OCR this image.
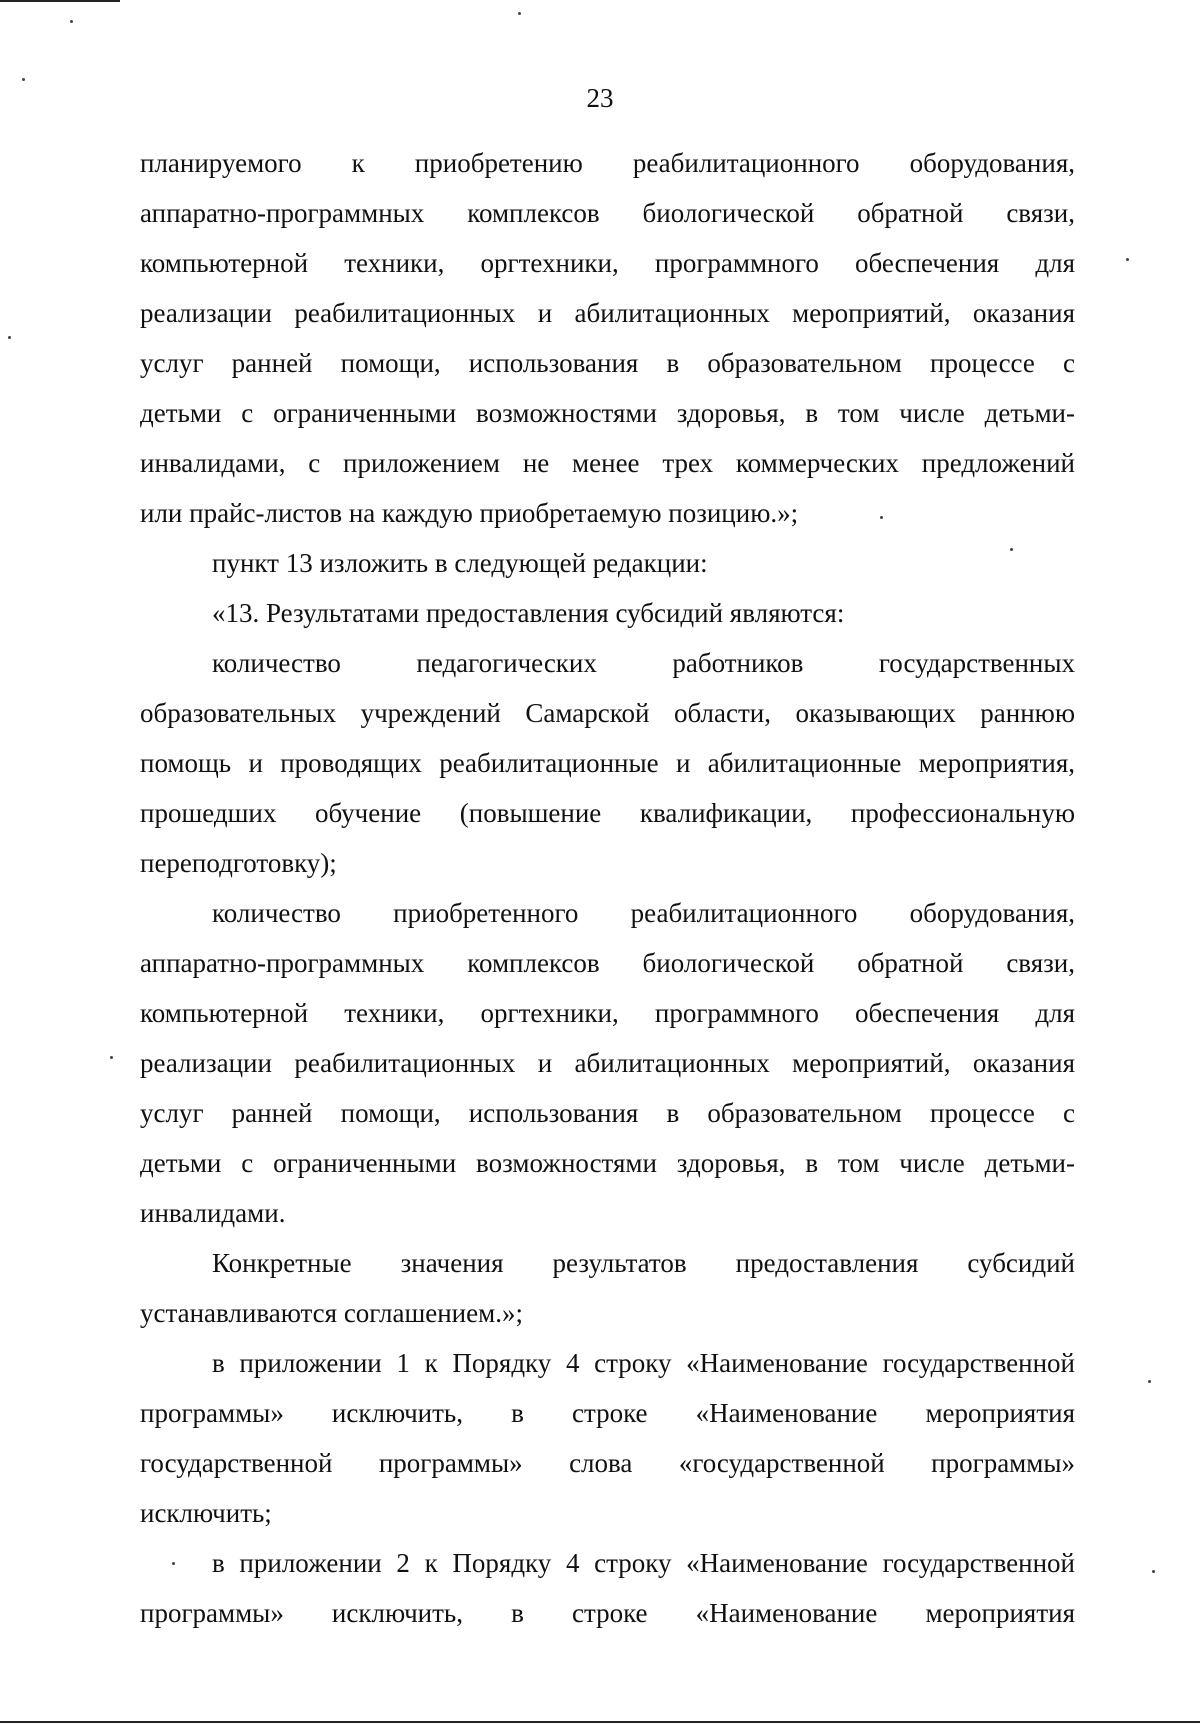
23
планируемого к приобретению реабилитационного оборудования,
аппаратно-программных комплексов биологической обратной связи,
компьютерной техники, оргтехники, программного обеспечения для
реализации реабилитационных и абилитационных мероприятий, оказания
услуг ранней помощи, использования в образовательном процессе с
детьми с ограниченными возможностями здоровья, в том числе детьми-
инвалидами, с приложением не менее трех коммерческих предложений
или прайс-листов на каждую приобретаемую позицию.»;
пункт 13 изложить в следующей редакции:
«13. Результатами предоставления субсидий являются:
количество педагогических работников государственных
образовательных учреждений Самарской области, оказывающих раннюю
помощь и проводящих реабилитационные и абилитационные мероприятия,
прошедших обучение (повышение квалификации, профессиональную
переподготовку);
количество приобретенного реабилитационного оборудования,
аппаратно-программных комплексов биологической обратной связи,
компьютерной техники, оргтехники, программного обеспечения для
реализации реабилитационных и абилитационных мероприятий, оказания
услуг ранней помощи, использования в образовательном процессе с
детьми с ограниченными возможностями здоровья, в том числе детьми-
инвалидами.
Конкретные значения результатов предоставления субсидий
устанавливаются соглашением.»;
в приложении 1 к Порядку 4 строку «Наименование государственной
программы» исключить, в строке «Наименование мероприятия
государственной программы» слова «государственной программы»
исключить;
в приложении 2 к Порядку 4 строку «Наименование государственной
программы» исключить, в строке «Наименование мероприятия
